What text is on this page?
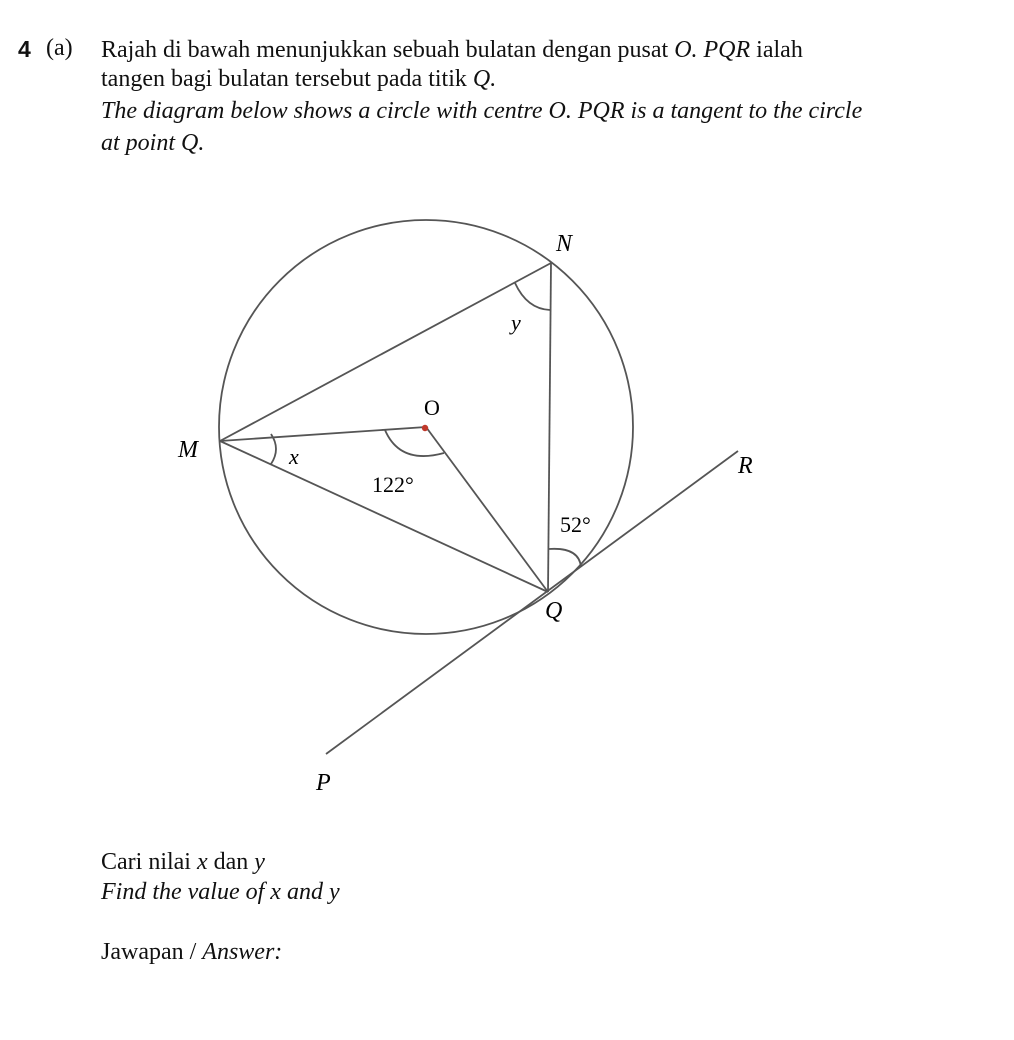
4 (a) Rajah di bawah menunjukkan sebuah bulatan dengan pusat O. PQR ialah
tangen bagi bulatan tersebut pada titik Q.
The diagram below shows a circle with centre O. PQR is a tangent to the circle
at point Q.
N
M
O
Q
R
P
x
y
122°
52°
Cari nilai x dan y
Find the value of x and y
Jawapan / Answer:
